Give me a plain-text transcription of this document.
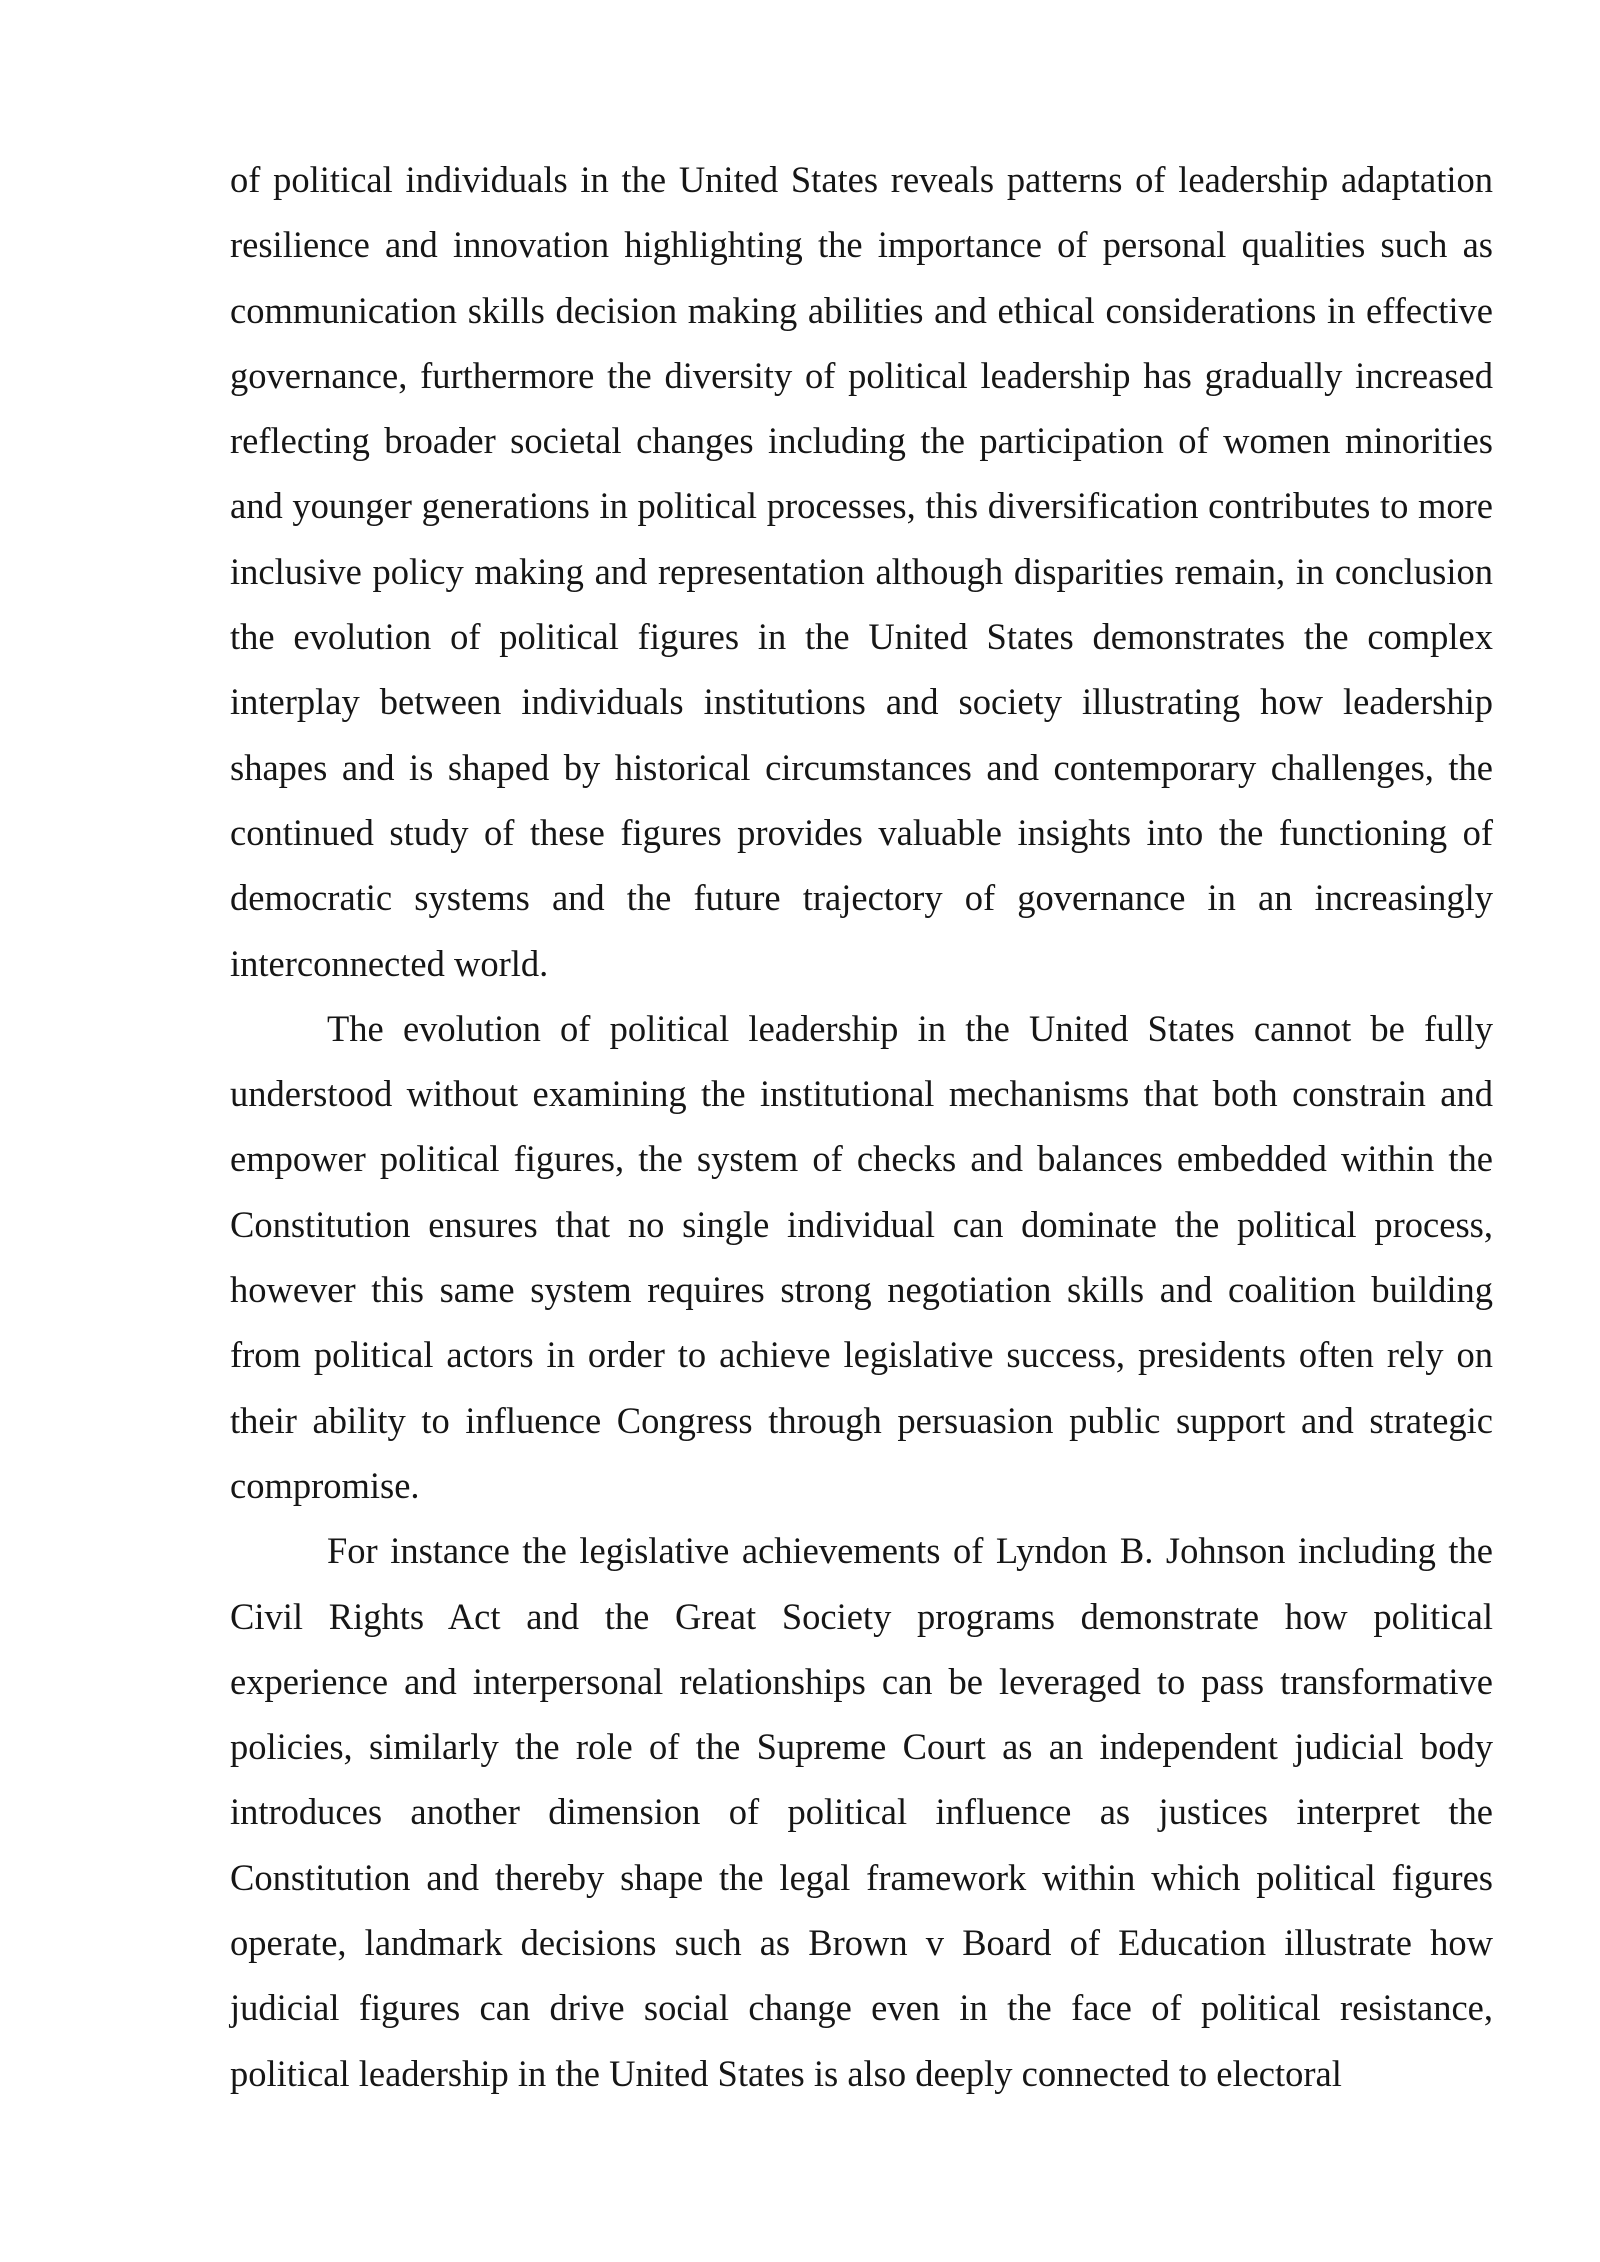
of political individuals in the United States reveals patterns of leadership adaptation resilience and innovation highlighting the importance of personal qualities such as communication skills decision making abilities and ethical considerations in effective governance, furthermore the diversity of political leadership has gradually increased reflecting broader societal changes including the participation of women minorities and younger generations in political processes, this diversification contributes to more inclusive policy making and representation although disparities remain, in conclusion the evolution of political figures in the United States demonstrates the complex interplay between individuals institutions and society illustrating how leadership shapes and is shaped by historical circumstances and contemporary challenges, the continued study of these figures provides valuable insights into the functioning of democratic systems and the future trajectory of governance in an increasingly interconnected world.

The evolution of political leadership in the United States cannot be fully understood without examining the institutional mechanisms that both constrain and empower political figures, the system of checks and balances embedded within the Constitution ensures that no single individual can dominate the political process, however this same system requires strong negotiation skills and coalition building from political actors in order to achieve legislative success, presidents often rely on their ability to influence Congress through persuasion public support and strategic compromise.

For instance the legislative achievements of Lyndon B. Johnson including the Civil Rights Act and the Great Society programs demonstrate how political experience and interpersonal relationships can be leveraged to pass transformative policies, similarly the role of the Supreme Court as an independent judicial body introduces another dimension of political influence as justices interpret the Constitution and thereby shape the legal framework within which political figures operate, landmark decisions such as Brown v Board of Education illustrate how judicial figures can drive social change even in the face of political resistance, political leadership in the United States is also deeply connected to electoral
